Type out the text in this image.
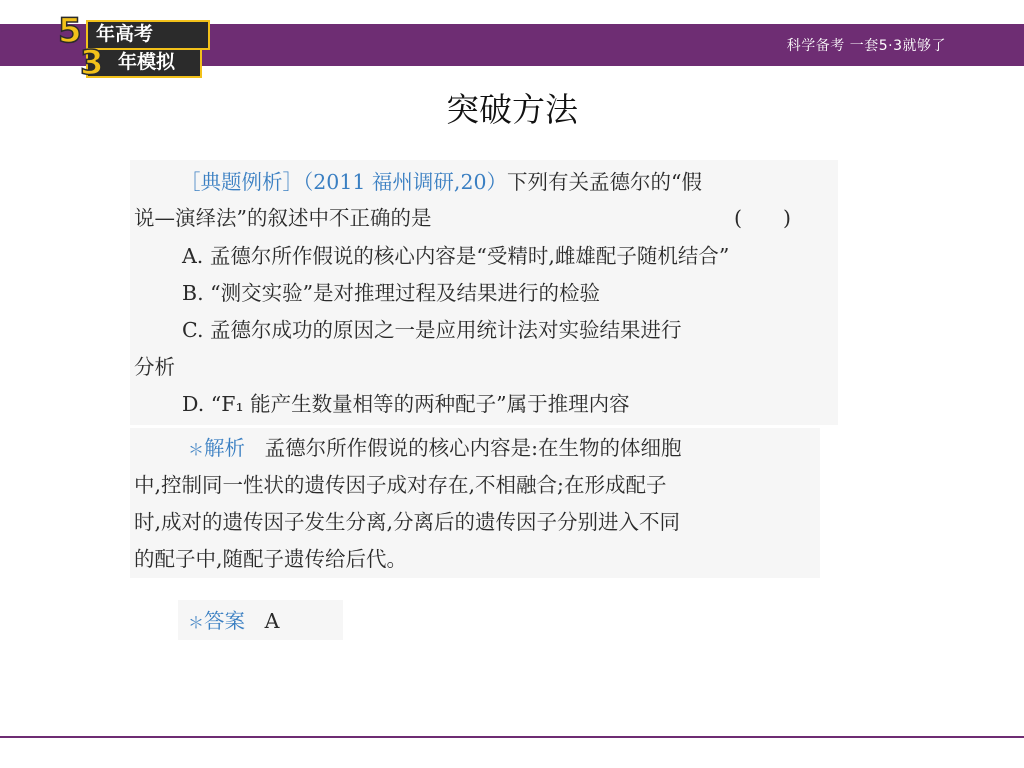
科学备考 一套5·3就够了
5 年高考
3 年模拟
突破方法
［典题例析］（2011 福州调研,20）下列有关孟德尔的“假
说—演绎法”的叙述中不正确的是	(　　)
A. 孟德尔所作假说的核心内容是“受精时,雌雄配子随机结合”
B. “测交实验”是对推理过程及结果进行的检验
C. 孟德尔成功的原因之一是应用统计法对实验结果进行
分析
D. “F₁ 能产生数量相等的两种配子”属于推理内容
＊解析 孟德尔所作假说的核心内容是:在生物的体细胞
中,控制同一性状的遗传因子成对存在,不相融合;在形成配子
时,成对的遗传因子发生分离,分离后的遗传因子分别进入不同
的配子中,随配子遗传给后代。
＊答案 A
